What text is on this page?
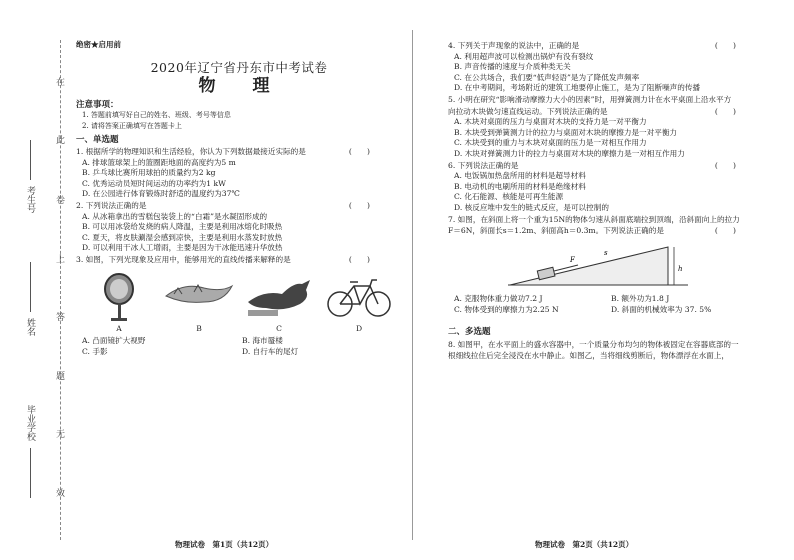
在
此
卷
上
答
题
无
效
考生号
姓名
毕业学校
绝密★启用前
2020年辽宁省丹东市中考试卷
物　理
注意事项：
1. 答题前填写好自己的姓名、班级、考号等信息
2. 请将答案正确填写在答题卡上
一、单选题
1. 根据所学的物理知识和生活经验，你认为下列数据最接近实际的是	(　　)
A. 排球篮球架上的篮圈距地面的高度约为5 m
B. 乒乓球比赛所用球拍的质量约为2 kg
C. 优秀运动员短时间运动的功率约为1 kW
D. 在公园进行体育锻炼时舒适的温度约为37℃
2. 下列说法正确的是	(　　)
A. 从冰箱拿出的雪糕包装袋上的“白霜”是水凝固形成的
B. 可以用冰袋给发烧的病人降温，主要是利用冰熔化时吸热
C. 夏天，将皮肤涮湿会感到凉快，主要是利用水蒸发时放热
D. 可以利用干冰人工增雨，主要是因为干冰能迅速升华放热
3. 如图，下列光现象及应用中，能够用光的直线传播来解释的是	(　　)
A	B	C	D
A. 凸面镜扩大视野	B. 海市蜃楼
C. 手影	D. 自行车的尾灯
4. 下列关于声现象的说法中，正确的是	(　　)
A. 利用超声波可以检测出锅炉有没有裂纹
B. 声音传播的速度与介质种类无关
C. 在公共场合，我们要“低声轻语”是为了降低发声频率
D. 在中考期间，考场附近的建筑工地要停止施工，是为了阻断噪声的传播
5. 小明在研究“影响滑动摩擦力大小的因素”时，用弹簧测力计在水平桌面上沿水平方
向拉动木块做匀速直线运动。下列说法正确的是	(　　)
A. 木块对桌面的压力与桌面对木块的支持力是一对平衡力
B. 木块受到弹簧测力计的拉力与桌面对木块的摩擦力是一对平衡力
C. 木块受到的重力与木块对桌面的压力是一对相互作用力
D. 木块对弹簧测力计的拉力与桌面对木块的摩擦力是一对相互作用力
6. 下列说法正确的是	(　　)
A. 电饭锅加热盘所用的材料是超导材料
B. 电动机的电刷所用的材料是绝缘材料
C. 化石能源、核能是可再生能源
D. 核反应堆中发生的链式反应，是可以控制的
7. 如图，在斜面上将一个重为15N的物体匀速从斜面底端拉到顶端，沿斜面向上的拉力
F＝6N，斜面长s＝1.2m、斜面高h＝0.3m。下列说法正确的是	(　　)
F
s
h
A. 克服物体重力做功7.2 J	B. 额外功为1.8 J
C. 物体受到的摩擦力为2.25 N	D. 斜面的机械效率为 37. 5%
二、多选题
8. 如图甲，在水平面上的盛水容器中，一个质量分布均匀的物体被固定在容器底部的一
根细线拉住后完全浸没在水中静止。如图乙，当将细线剪断后，物体漂浮在水面上，
物理试卷　第1页（共12页）	物理试卷　第2页（共12页）
